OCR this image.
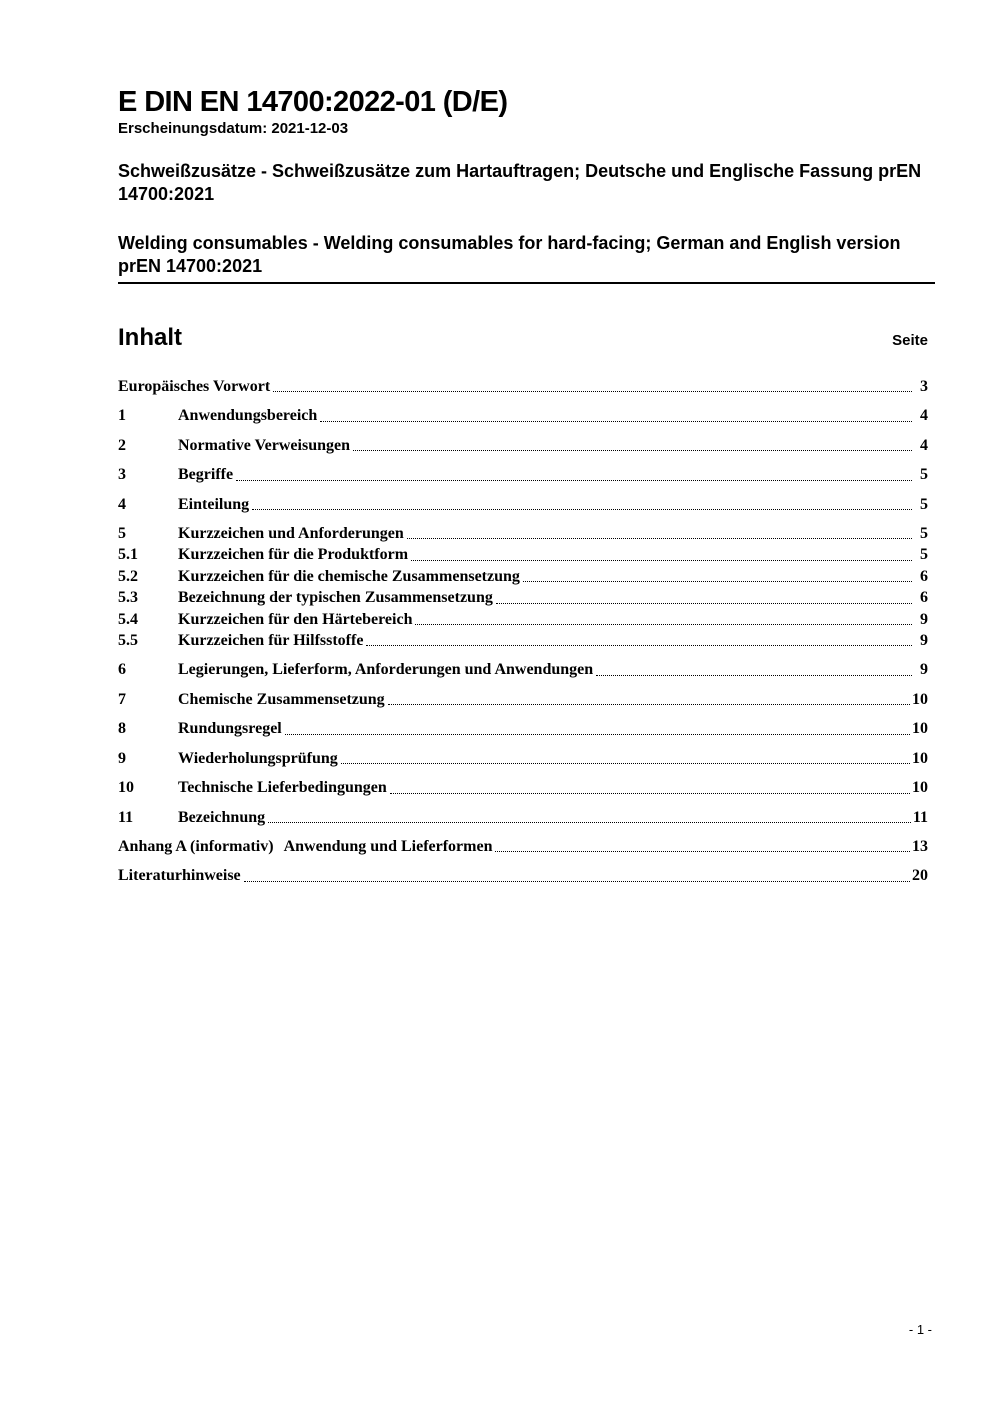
E DIN EN 14700:2022-01 (D/E)
Erscheinungsdatum: 2021-12-03

Schweißzusätze - Schweißzusätze zum Hartauftragen; Deutsche und Englische Fassung prEN 14700:2021

Welding consumables - Welding consumables for hard-facing; German and English version prEN 14700:2021

Inhalt	Seite
Europäisches Vorwort	3
1	Anwendungsbereich	4
2	Normative Verweisungen	4
3	Begriffe	5
4	Einteilung	5
5	Kurzzeichen und Anforderungen	5
5.1	Kurzzeichen für die Produktform	5
5.2	Kurzzeichen für die chemische Zusammensetzung	6
5.3	Bezeichnung der typischen Zusammensetzung	6
5.4	Kurzzeichen für den Härtebereich	9
5.5	Kurzzeichen für Hilfsstoffe	9
6	Legierungen, Lieferform, Anforderungen und Anwendungen	9
7	Chemische Zusammensetzung	10
8	Rundungsregel	10
9	Wiederholungsprüfung	10
10	Technische Lieferbedingungen	10
11	Bezeichnung	11
Anhang A (informativ) Anwendung und Lieferformen	13
Literaturhinweise	20
- 1 -
